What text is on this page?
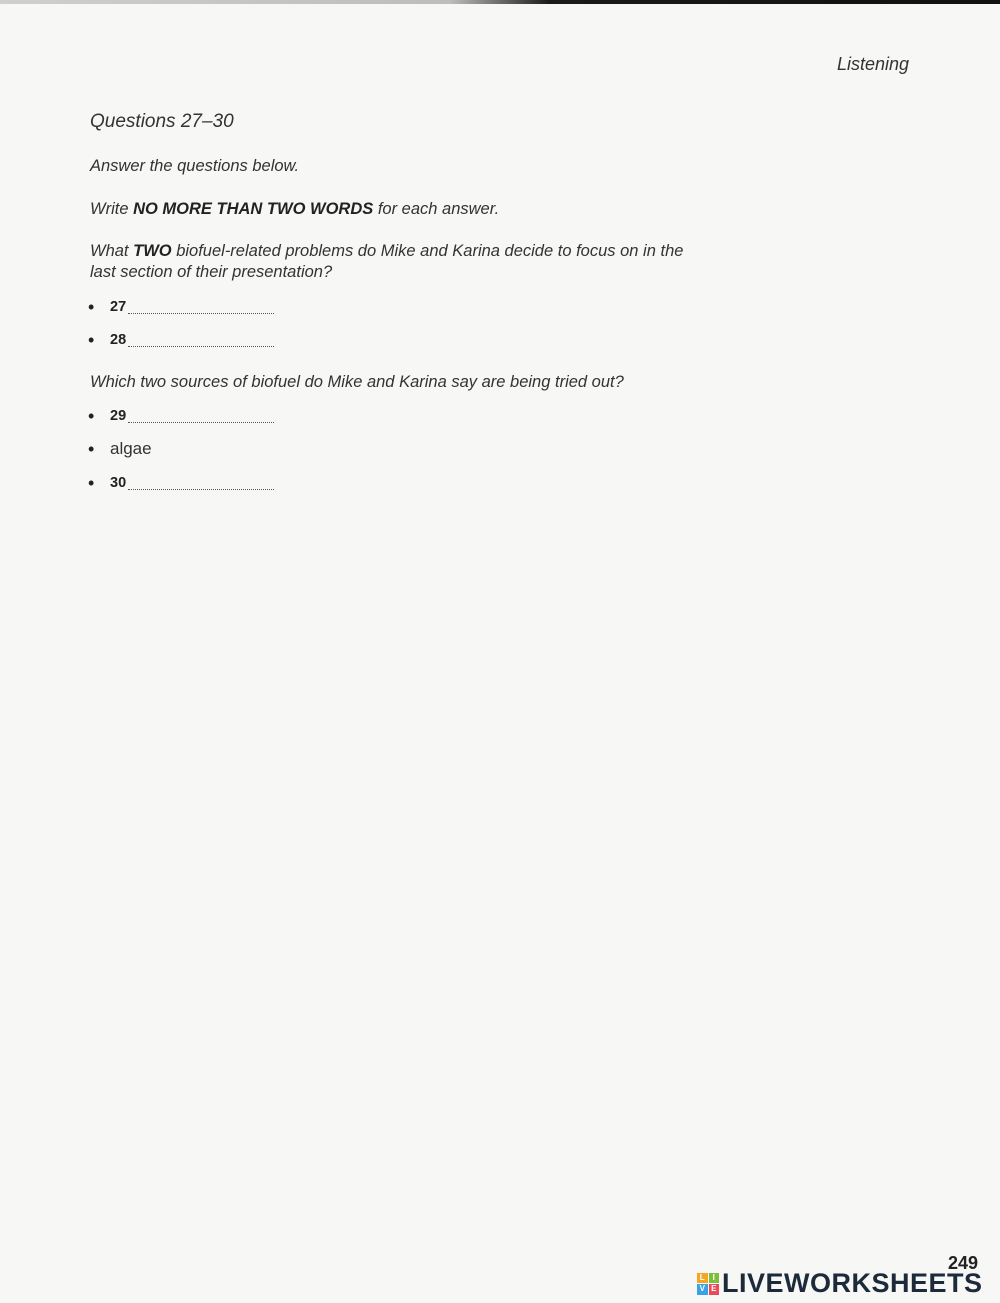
Listening
Questions 27–30
Answer the questions below.
Write NO MORE THAN TWO WORDS for each answer.
What TWO biofuel-related problems do Mike and Karina decide to focus on in the
last section of their presentation?
•	27
•	28
Which two sources of biofuel do Mike and Karina say are being tried out?
•	29
• algae
•	30
249
L I
V E LIVEWORKSHEETS
